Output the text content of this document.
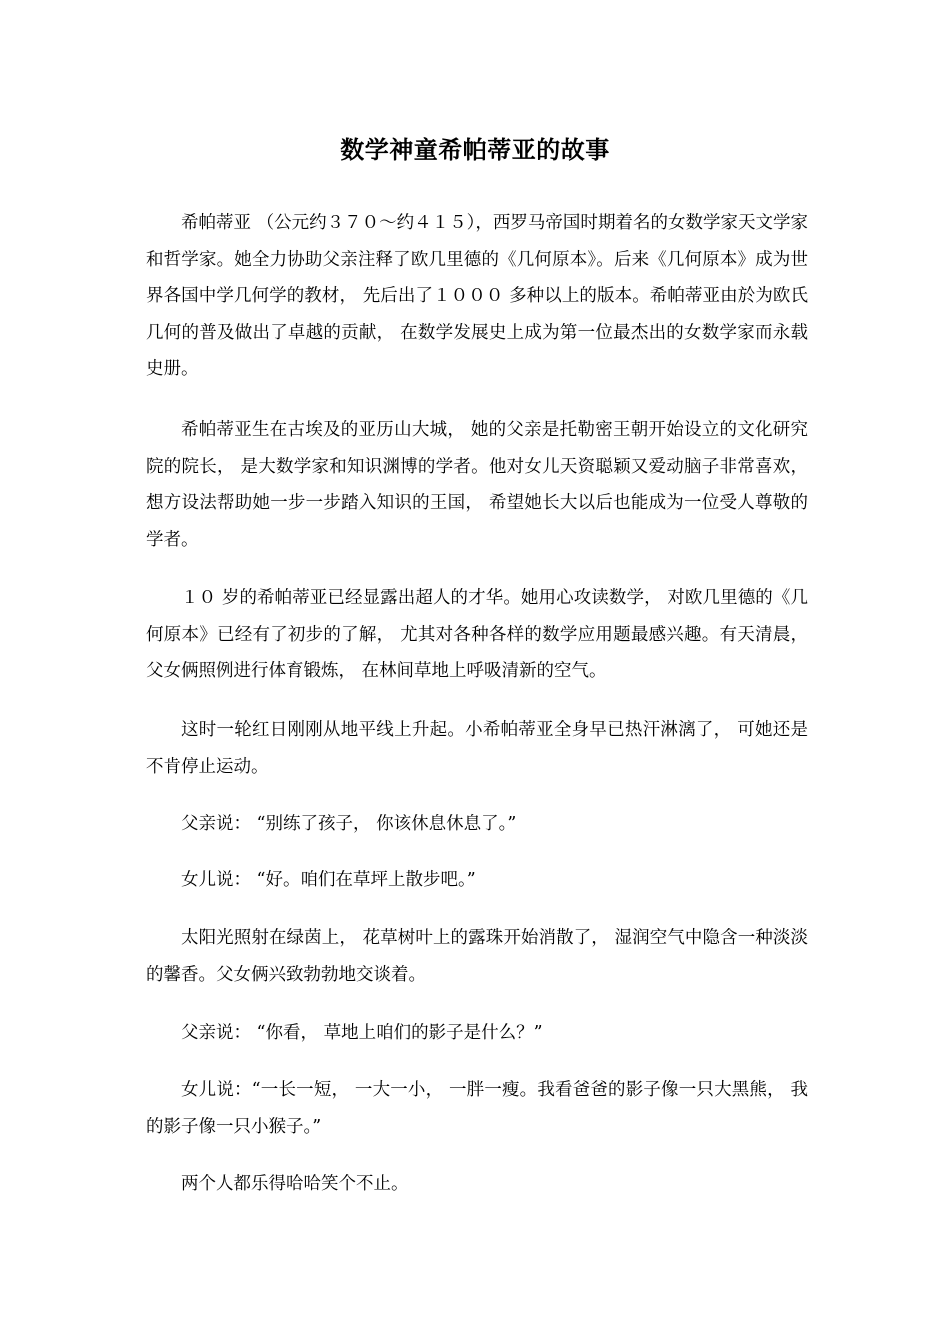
数学神童希帕蒂亚的故事

希帕蒂亚 （公元约３７０～约４１５），西罗马帝国时期着名的女数学家天文学家和哲学家。她全力协助父亲注释了欧几里德的《几何原本》。后来《几何原本》成为世界各国中学几何学的教材， 先后出了１０００ 多种以上的版本。希帕蒂亚由於为欧氏几何的普及做出了卓越的贡献， 在数学发展史上成为第一位最杰出的女数学家而永载史册。

希帕蒂亚生在古埃及的亚历山大城， 她的父亲是托勒密王朝开始设立的文化研究院的院长， 是大数学家和知识渊博的学者。他对女儿天资聪颖又爱动脑子非常喜欢， 想方设法帮助她一步一步踏入知识的王国， 希望她长大以后也能成为一位受人尊敬的学者。

１０ 岁的希帕蒂亚已经显露出超人的才华。她用心攻读数学， 对欧几里德的《几何原本》已经有了初步的了解， 尤其对各种各样的数学应用题最感兴趣。有天清晨， 父女俩照例进行体育锻炼， 在林间草地上呼吸清新的空气。

这时一轮红日刚刚从地平线上升起。小希帕蒂亚全身早已热汗淋漓了， 可她还是不肯停止运动。

父亲说： “别练了孩子， 你该休息休息了。”

女儿说： “好。咱们在草坪上散步吧。”

太阳光照射在绿茵上， 花草树叶上的露珠开始消散了， 湿润空气中隐含一种淡淡的馨香。父女俩兴致勃勃地交谈着。

父亲说： “你看， 草地上咱们的影子是什么？”

女儿说：“一长一短， 一大一小， 一胖一瘦。我看爸爸的影子像一只大黑熊， 我的影子像一只小猴子。”

两个人都乐得哈哈笑个不止。
